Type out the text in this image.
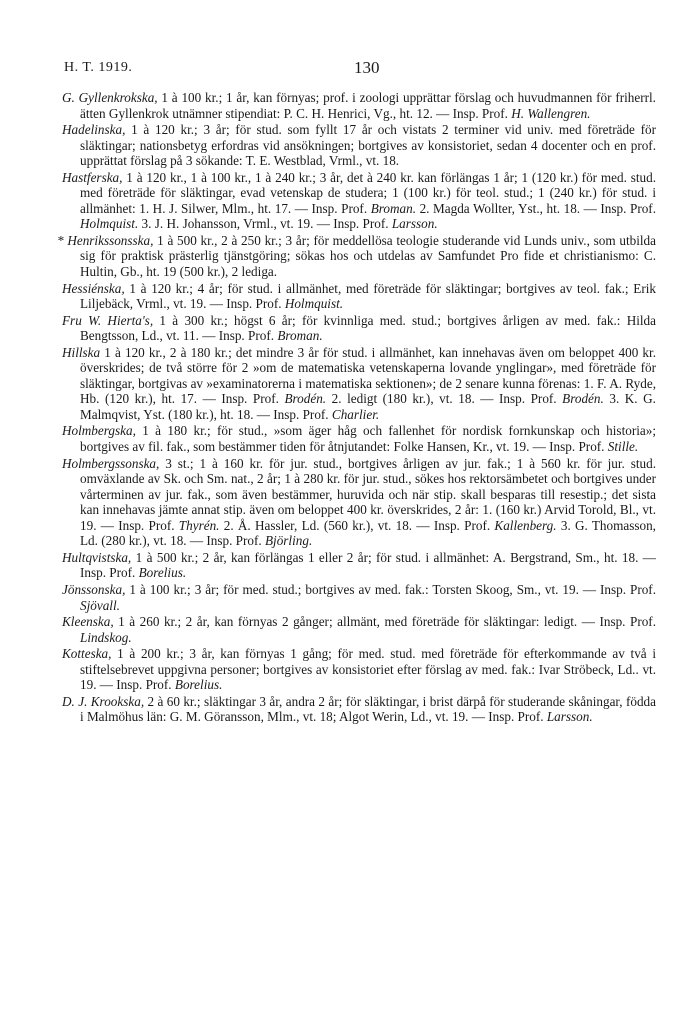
H. T. 1919.	130

G. Gyllenkrokska, 1 à 100 kr.; 1 år, kan förnyas; prof. i zoologi upprättar förslag och huvudmannen för friherrl. ätten Gyllenkrok utnämner stipendiat: P. C. H. Henrici, Vg., ht. 12. — Insp. Prof. H. Wallengren.

Hadelinska, 1 à 120 kr.; 3 år; för stud. som fyllt 17 år och vistats 2 terminer vid univ. med företräde för släktingar; nationsbetyg erfordras vid ansökningen; bortgives av konsistoriet, sedan 4 docenter och en prof. upprättat förslag på 3 sökande: T. E. Westblad, Vrml., vt. 18.

Hastferska, 1 à 120 kr., 1 à 100 kr., 1 à 240 kr.; 3 år, det à 240 kr. kan förlängas 1 år; 1 (120 kr.) för med. stud. med företräde för släktingar, evad vetenskap de studera; 1 (100 kr.) för teol. stud.; 1 (240 kr.) för stud. i allmänhet: 1. H. J. Silwer, Mlm., ht. 17. — Insp. Prof. Broman. 2. Magda Wollter, Yst., ht. 18. — Insp. Prof. Holmquist. 3. J. H. Johansson, Vrml., vt. 19. — Insp. Prof. Larsson.

* Henrikssonsska, 1 à 500 kr., 2 à 250 kr.; 3 år; för meddellösa teologie studerande vid Lunds univ., som utbilda sig för praktisk prästerlig tjänstgöring; sökas hos och utdelas av Samfundet Pro fide et christianismo: C. Hultin, Gb., ht. 19 (500 kr.), 2 lediga.

Hessiénska, 1 à 120 kr.; 4 år; för stud. i allmänhet, med företräde för släktingar; bortgives av teol. fak.; Erik Liljebäck, Vrml., vt. 19. — Insp. Prof. Holmquist.

Fru W. Hierta's, 1 à 300 kr.; högst 6 år; för kvinnliga med. stud.; bortgives årligen av med. fak.: Hilda Bengtsson, Ld., vt. 11. — Insp. Prof. Broman.

Hillska 1 à 120 kr., 2 à 180 kr.; det mindre 3 år för stud. i allmänhet, kan innehavas även om beloppet 400 kr. överskrides; de två större för 2 »om de matematiska vetenskaperna lovande ynglingar», med företräde för släktingar, bortgivas av »examinatorerna i matematiska sektionen»; de 2 senare kunna förenas: 1. F. A. Ryde, Hb. (120 kr.), ht. 17. — Insp. Prof. Brodén. 2. ledigt (180 kr.), vt. 18. — Insp. Prof. Brodén. 3. K. G. Malmqvist, Yst. (180 kr.), ht. 18. — Insp. Prof. Charlier.

Holmbergska, 1 à 180 kr.; för stud., »som äger håg och fallenhet för nordisk fornkunskap och historia»; bortgives av fil. fak., som bestämmer tiden för åtnjutandet: Folke Hansen, Kr., vt. 19. — Insp. Prof. Stille.

Holmbergssonska, 3 st.; 1 à 160 kr. för jur. stud., bortgives årligen av jur. fak.; 1 à 560 kr. för jur. stud. omväxlande av Sk. och Sm. nat., 2 år; 1 à 280 kr. för jur. stud., sökes hos rektorsämbetet och bortgives under vårterminen av jur. fak., som även bestämmer, huruvida och när stip. skall besparas till resestip.; det sista kan innehavas jämte annat stip. även om beloppet 400 kr. överskrides, 2 år: 1. (160 kr.) Arvid Torold, Bl., vt. 19. — Insp. Prof. Thyrén. 2. Å. Hassler, Ld. (560 kr.), vt. 18. — Insp. Prof. Kallenberg. 3. G. Thomasson, Ld. (280 kr.), vt. 18. — Insp. Prof. Björling.

Hultqvistska, 1 à 500 kr.; 2 år, kan förlängas 1 eller 2 år; för stud. i allmänhet: A. Bergstrand, Sm., ht. 18. — Insp. Prof. Borelius.

Jönssonska, 1 à 100 kr.; 3 år; för med. stud.; bortgives av med. fak.: Torsten Skoog, Sm., vt. 19. — Insp. Prof. Sjövall.

Kleenska, 1 à 260 kr.; 2 år, kan förnyas 2 gånger; allmänt, med företräde för släktingar: ledigt. — Insp. Prof. Lindskog.

Kotteska, 1 à 200 kr.; 3 år, kan förnyas 1 gång; för med. stud. med företräde för efterkommande av två i stiftelsebrevet uppgivna personer; bortgives av konsistoriet efter förslag av med. fak.: Ivar Ströbeck, Ld.. vt. 19. — Insp. Prof. Borelius.

D. J. Krookska, 2 à 60 kr.; släktingar 3 år, andra 2 år; för släktingar, i brist därpå för studerande skåningar, födda i Malmöhus län: G. M. Göransson, Mlm., vt. 18; Algot Werin, Ld., vt. 19. — Insp. Prof. Larsson.
